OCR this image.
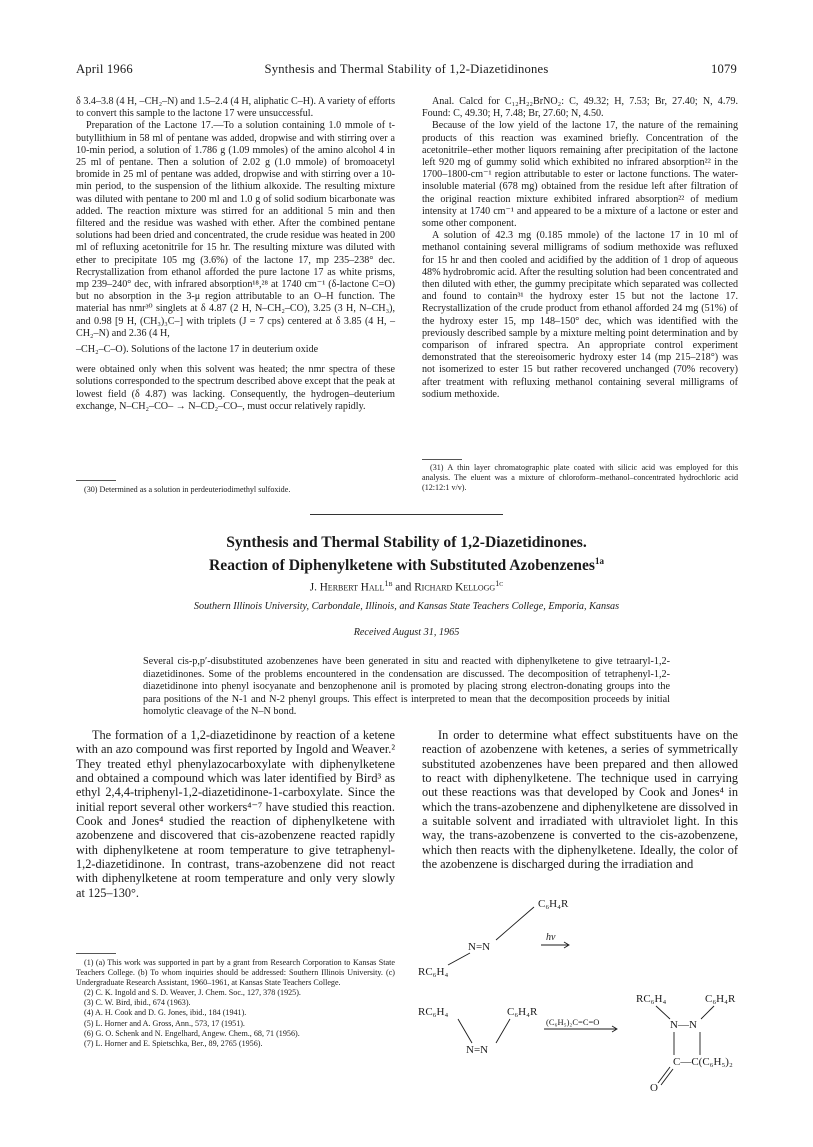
April 1966	Synthesis and Thermal Stability of 1,2-Diazetidinones	1079

δ 3.4–3.8 (4 H, –CH₂–N) and 1.5–2.4 (4 H, aliphatic C–H). A variety of efforts to convert this sample to the lactone 17 were unsuccessful.

Preparation of the Lactone 17.—To a solution containing 1.0 mmole of t-butyllithium in 58 ml of pentane was added, dropwise and with stirring over a 10-min period, a solution of 1.786 g (1.09 mmoles) of the amino alcohol 4 in 25 ml of pentane. Then a solution of 2.02 g (1.0 mmole) of bromoacetyl bromide in 25 ml of pentane was added, dropwise and with stirring over a 10-min period, to the suspension of the lithium alkoxide. The resulting mixture was diluted with pentane to 200 ml and 1.0 g of solid sodium bicarbonate was added. The reaction mixture was stirred for an additional 5 min and then filtered and the residue was washed with ether. After the combined pentane solutions had been dried and concentrated, the crude residue was heated in 200 ml of refluxing acetonitrile for 15 hr. The resulting mixture was diluted with ether to precipitate 105 mg (3.6%) of the lactone 17, mp 235–238° dec. Recrystallization from ethanol afforded the pure lactone 17 as white prisms, mp 239–240° dec, with infrared absorption¹⁸,²⁸ at 1740 cm⁻¹ (δ-lactone C=O) but no absorption in the 3-μ region attributable to an O–H function. The material has nmr³⁰ singlets at δ 4.87 (2 H, N–CH₂–CO), 3.25 (3 H, N–CH₃), and 0.98 [9 H, (CH₃)₃C–] with triplets (J = 7 cps) centered at δ 3.85 (4 H, –CH₂–N) and 2.36 (4 H,

–CH₂–C–O). Solutions of the lactone 17 in deuterium oxide

were obtained only when this solvent was heated; the nmr spectra of these solutions corresponded to the spectrum described above except that the peak at lowest field (δ 4.87) was lacking. Consequently, the hydrogen–deuterium exchange, N–CH₂–CO– → N–CD₂–CO–, must occur relatively rapidly.

(30) Determined as a solution in perdeuteriodimethyl sulfoxide.

Anal. Calcd for C₁₂H₂₂BrNO₂: C, 49.32; H, 7.53; Br, 27.40; N, 4.79. Found: C, 49.30; H, 7.48; Br, 27.60; N, 4.50.

Because of the low yield of the lactone 17, the nature of the remaining products of this reaction was examined briefly. Concentration of the acetonitrile–ether mother liquors remaining after precipitation of the lactone left 920 mg of gummy solid which exhibited no infrared absorption²² in the 1700–1800-cm⁻¹ region attributable to ester or lactone functions. The water-insoluble material (678 mg) obtained from the residue left after filtration of the original reaction mixture exhibited infrared absorption²² of medium intensity at 1740 cm⁻¹ and appeared to be a mixture of a lactone or ester and some other component.

A solution of 42.3 mg (0.185 mmole) of the lactone 17 in 10 ml of methanol containing several milligrams of sodium methoxide was refluxed for 15 hr and then cooled and acidified by the addition of 1 drop of aqueous 48% hydrobromic acid. After the resulting solution had been concentrated and then diluted with ether, the gummy precipitate which separated was collected and found to contain³¹ the hydroxy ester 15 but not the lactone 17. Recrystallization of the crude product from ethanol afforded 24 mg (51%) of the hydroxy ester 15, mp 148–150° dec, which was identified with the previously described sample by a mixture melting point determination and by comparison of infrared spectra. An appropriate control experiment demonstrated that the stereoisomeric hydroxy ester 14 (mp 215–218°) was not isomerized to ester 15 but rather recovered unchanged (70% recovery) after treatment with refluxing methanol containing several milligrams of sodium methoxide.

(31) A thin layer chromatographic plate coated with silicic acid was employed for this analysis. The eluent was a mixture of chloroform–methanol–concentrated hydrochloric acid (12:12:1 v/v).

Synthesis and Thermal Stability of 1,2-Diazetidinones.
Reaction of Diphenylketene with Substituted Azobenzenes$^{1a}$
J. Herbert Hall$^{1b}$ and Richard Kellogg$^{1c}$
Southern Illinois University, Carbondale, Illinois, and Kansas State Teachers College, Emporia, Kansas
Received August 31, 1965
Several cis-p,p′-disubstituted azobenzenes have been generated in situ and reacted with diphenylketene to give tetraaryl-1,2-diazetidinones. Some of the problems encountered in the condensation are discussed. The decomposition of tetraphenyl-1,2-diazetidinone into phenyl isocyanate and benzophenone anil is promoted by placing strong electron-donating groups into the para positions of the N-1 and N-2 phenyl groups. This effect is interpreted to mean that the decomposition proceeds by initial homolytic cleavage of the N–N bond.

The formation of a 1,2-diazetidinone by reaction of a ketene with an azo compound was first reported by Ingold and Weaver.² They treated ethyl phenylazocarboxylate with diphenylketene and obtained a compound which was later identified by Bird³ as ethyl 2,4,4-triphenyl-1,2-diazetidinone-1-carboxylate. Since the initial report several other workers⁴⁻⁷ have studied this reaction. Cook and Jones⁴ studied the reaction of diphenylketene with azobenzene and discovered that cis-azobenzene reacted rapidly with diphenylketene at room temperature to give tetraphenyl-1,2-diazetidinone. In contrast, trans-azobenzene did not react with diphenylketene at room temperature and only very slowly at 125–130°.

In order to determine what effect substituents have on the reaction of azobenzene with ketenes, a series of symmetrically substituted azobenzenes have been prepared and then allowed to react with diphenylketene. The technique used in carrying out these reactions was that developed by Cook and Jones⁴ in which the trans-azobenzene and diphenylketene are dissolved in a suitable solvent and irradiated with ultraviolet light. In this way, the trans-azobenzene is converted to the cis-azobenzene, which then reacts with the diphenylketene. Ideally, the color of the azobenzene is discharged during the irradiation and

(1) (a) This work was supported in part by a grant from Research Corporation to Kansas State Teachers College. (b) To whom inquiries should be addressed: Southern Illinois University. (c) Undergraduate Research Assistant, 1960–1961, at Kansas State Teachers College.
(2) C. K. Ingold and S. D. Weaver, J. Chem. Soc., 127, 378 (1925).
(3) C. W. Bird, ibid., 674 (1963).
(4) A. H. Cook and D. G. Jones, ibid., 184 (1941).
(5) L. Horner and A. Gross, Ann., 573, 17 (1951).
(6) G. O. Schenk and N. Engelhard, Angew. Chem., 68, 71 (1956).
(7) L. Horner and E. Spietschka, Ber., 89, 2765 (1956).
C₆H₄R
N=N
RC₆H₄
hν
RC₆H₄	C₆H₄R
N=N
(C₆H₅)₂C=C=O
RC₆H₄	C₆H₄R
N—N
C—C(C₆H₅)₂
O
